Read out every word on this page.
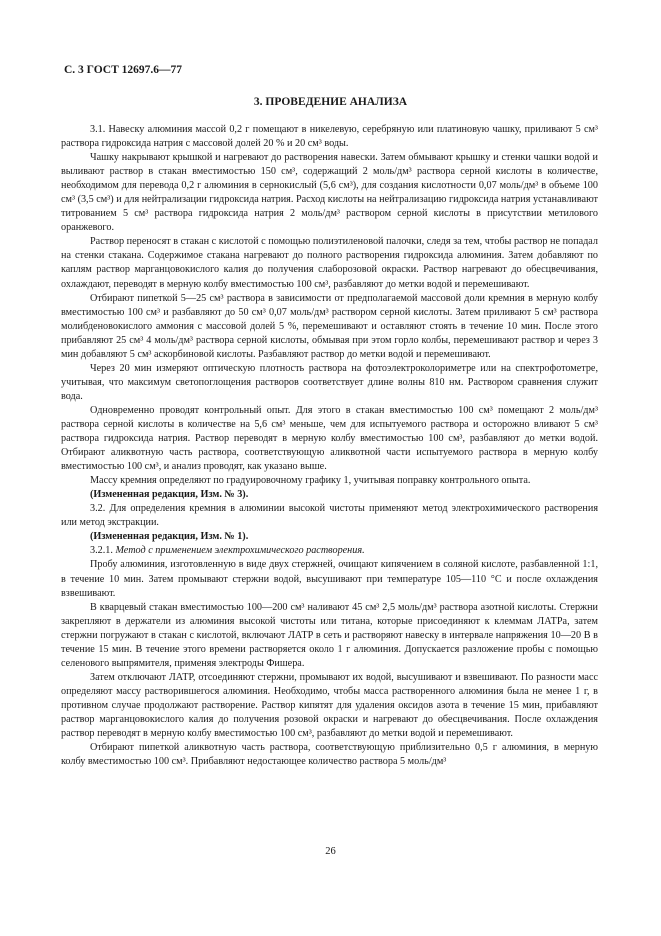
С. 3 ГОСТ 12697.6—77
3. ПРОВЕДЕНИЕ АНАЛИЗА

3.1. Навеску алюминия массой 0,2 г помещают в никелевую, серебряную или платиновую чашку, приливают 5 см³ раствора гидроксида натрия с массовой долей 20 % и 20 см³ воды.

Чашку накрывают крышкой и нагревают до растворения навески. Затем обмывают крышку и стенки чашки водой и выливают раствор в стакан вместимостью 150 см³, содержащий 2 моль/дм³ раствора серной кислоты в количестве, необходимом для перевода 0,2 г алюминия в сернокислый (5,6 см³), для создания кислотности 0,07 моль/дм³ в объеме 100 см³ (3,5 см³) и для нейтрализации гидроксида натрия. Расход кислоты на нейтрализацию гидроксида натрия устанавливают титрованием 5 см³ раствора гидроксида натрия 2 моль/дм³ раствором серной кислоты в присутствии метилового оранжевого.

Раствор переносят в стакан с кислотой с помощью полиэтиленовой палочки, следя за тем, чтобы раствор не попадал на стенки стакана. Содержимое стакана нагревают до полного растворения гидроксида алюминия. Затем добавляют по каплям раствор марганцовокислого калия до получения слаборозовой окраски. Раствор нагревают до обесцвечивания, охлаждают, переводят в мерную колбу вместимостью 100 см³, разбавляют до метки водой и перемешивают.

Отбирают пипеткой 5—25 см³ раствора в зависимости от предполагаемой массовой доли кремния в мерную колбу вместимостью 100 см³ и разбавляют до 50 см³ 0,07 моль/дм³ раствором серной кислоты. Затем приливают 5 см³ раствора молибденовокислого аммония с массовой долей 5 %, перемешивают и оставляют стоять в течение 10 мин. После этого прибавляют 25 см³ 4 моль/дм³ раствора серной кислоты, обмывая при этом горло колбы, перемешивают раствор и через 3 мин добавляют 5 см³ аскорбиновой кислоты. Разбавляют раствор до метки водой и перемешивают.

Через 20 мин измеряют оптическую плотность раствора на фотоэлектроколориметре или на спектрофотометре, учитывая, что максимум светопоглощения растворов соответствует длине волны 810 нм. Раствором сравнения служит вода.

Одновременно проводят контрольный опыт. Для этого в стакан вместимостью 100 см³ помещают 2 моль/дм³ раствора серной кислоты в количестве на 5,6 см³ меньше, чем для испытуемого раствора и осторожно вливают 5 см³ раствора гидроксида натрия. Раствор переводят в мерную колбу вместимостью 100 см³, разбавляют до метки водой. Отбирают аликвотную часть раствора, соответствующую аликвотной части испытуемого раствора в мерную колбу вместимостью 100 см³, и анализ проводят, как указано выше.

Массу кремния определяют по градуировочному графику 1, учитывая поправку контрольного опыта.

(Измененная редакция, Изм. № 3).

3.2. Для определения кремния в алюминии высокой чистоты применяют метод электрохимического растворения или метод экстракции.

(Измененная редакция, Изм. № 1).

3.2.1. Метод с применением электрохимического растворения.

Пробу алюминия, изготовленную в виде двух стержней, очищают кипячением в соляной кислоте, разбавленной 1:1, в течение 10 мин. Затем промывают стержни водой, высушивают при температуре 105—110 °С и после охлаждения взвешивают.

В кварцевый стакан вместимостью 100—200 см³ наливают 45 см³ 2,5 моль/дм³ раствора азотной кислоты. Стержни закрепляют в держатели из алюминия высокой чистоты или титана, которые присоединяют к клеммам ЛАТРа, затем стержни погружают в стакан с кислотой, включают ЛАТР в сеть и растворяют навеску в интервале напряжения 10—20 В в течение 15 мин. В течение этого времени растворяется около 1 г алюминия. Допускается разложение пробы с помощью селенового выпрямителя, применяя электроды Фишера.

Затем отключают ЛАТР, отсоединяют стержни, промывают их водой, высушивают и взвешивают. По разности масс определяют массу растворившегося алюминия. Необходимо, чтобы масса растворенного алюминия была не менее 1 г, в противном случае продолжают растворение. Раствор кипятят для удаления оксидов азота в течение 15 мин, прибавляют раствор марганцовокислого калия до получения розовой окраски и нагревают до обесцвечивания. После охлаждения раствор переводят в мерную колбу вместимостью 100 см³, разбавляют до метки водой и перемешивают.

Отбирают пипеткой аликвотную часть раствора, соответствующую приблизительно 0,5 г алюминия, в мерную колбу вместимостью 100 см³. Прибавляют недостающее количество раствора 5 моль/дм³

26
